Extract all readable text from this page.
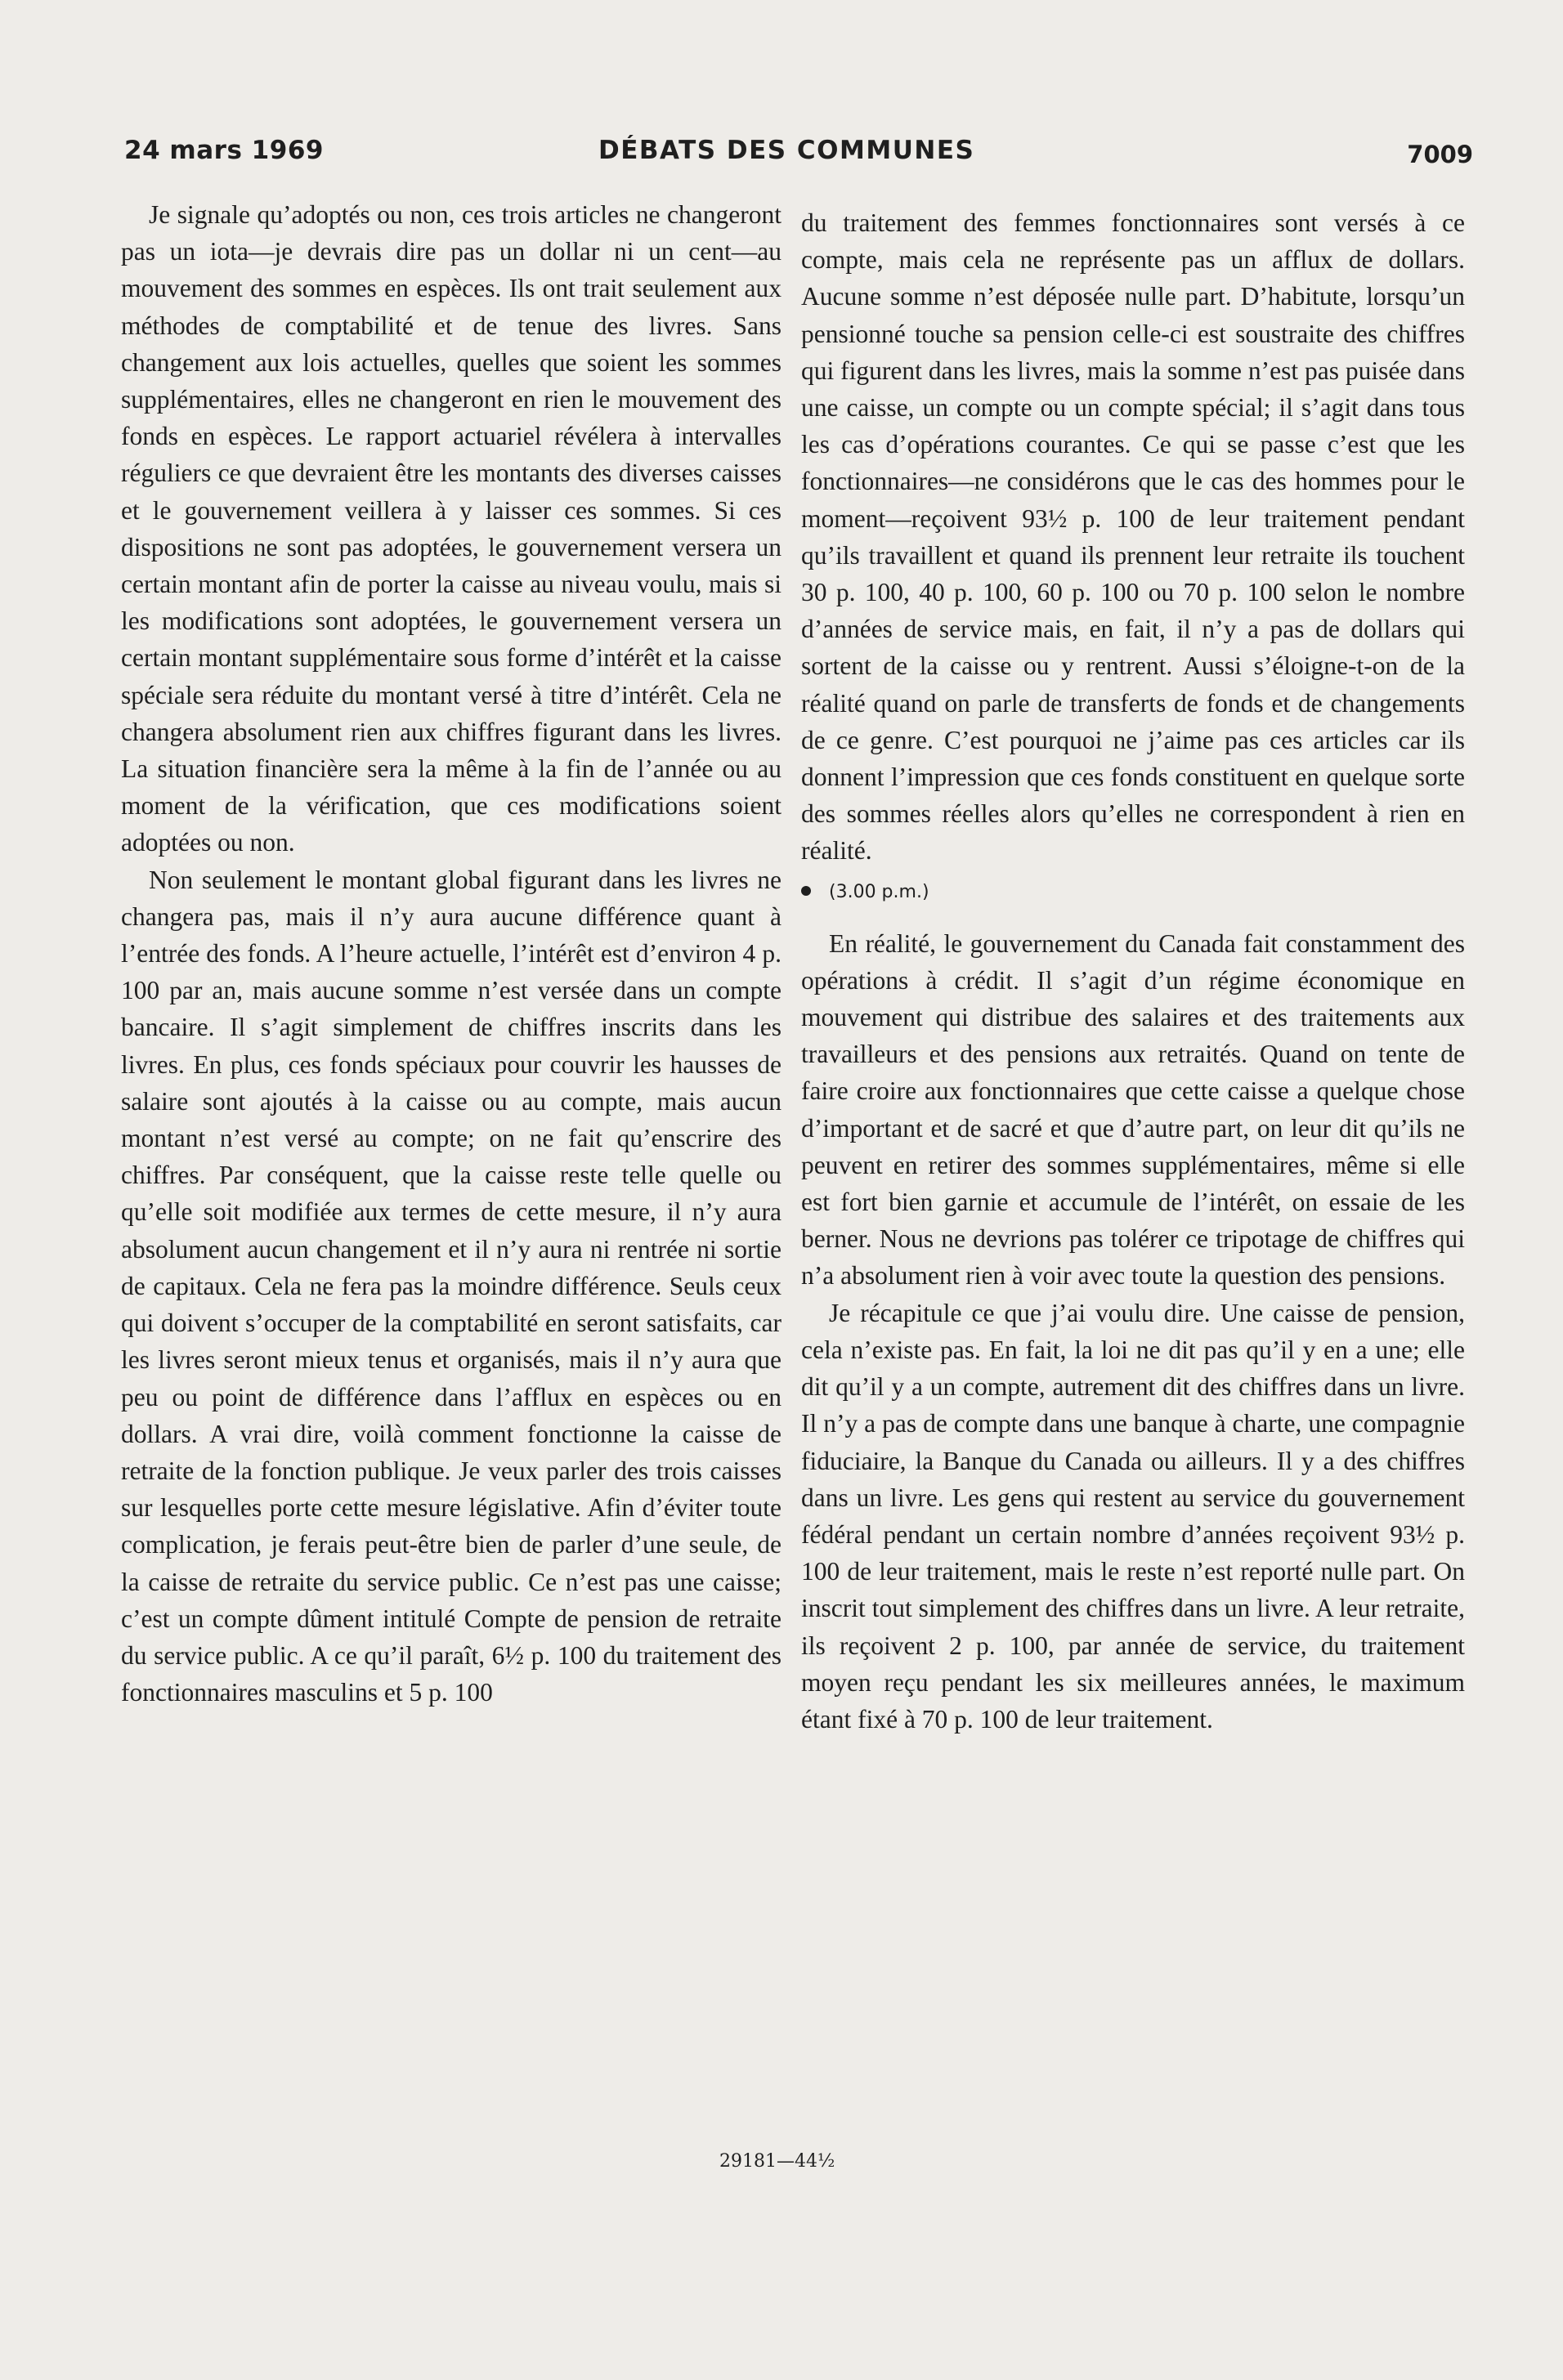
24 mars 1969	DÉBATS DES COMMUNES	7009

Je signale qu’adoptés ou non, ces trois articles ne changeront pas un iota—je devrais dire pas un dollar ni un cent—au mouvement des sommes en espèces. Ils ont trait seulement aux méthodes de comptabilité et de tenue des livres. Sans changement aux lois actuelles, quelles que soient les sommes supplémentaires, elles ne changeront en rien le mouvement des fonds en espèces. Le rapport actuariel révélera à intervalles réguliers ce que devraient être les montants des diverses caisses et le gouvernement veillera à y laisser ces sommes. Si ces dispositions ne sont pas adoptées, le gouvernement versera un certain montant afin de porter la caisse au niveau voulu, mais si les modifications sont adoptées, le gouvernement versera un certain montant supplémentaire sous forme d’intérêt et la caisse spéciale sera réduite du montant versé à titre d’intérêt. Cela ne changera absolument rien aux chiffres figurant dans les livres. La situation financière sera la même à la fin de l’année ou au moment de la vérification, que ces modifications soient adoptées ou non.

Non seulement le montant global figurant dans les livres ne changera pas, mais il n’y aura aucune différence quant à l’entrée des fonds. A l’heure actuelle, l’intérêt est d’environ 4 p. 100 par an, mais aucune somme n’est versée dans un compte bancaire. Il s’agit simplement de chiffres inscrits dans les livres. En plus, ces fonds spéciaux pour couvrir les hausses de salaire sont ajoutés à la caisse ou au compte, mais aucun montant n’est versé au compte; on ne fait qu’enscrire des chiffres. Par conséquent, que la caisse reste telle quelle ou qu’elle soit modifiée aux termes de cette mesure, il n’y aura absolument aucun changement et il n’y aura ni rentrée ni sortie de capitaux. Cela ne fera pas la moindre différence. Seuls ceux qui doivent s’occuper de la comptabilité en seront satisfaits, car les livres seront mieux tenus et organisés, mais il n’y aura que peu ou point de différence dans l’afflux en espèces ou en dollars. A vrai dire, voilà comment fonctionne la caisse de retraite de la fonction publique. Je veux parler des trois caisses sur lesquelles porte cette mesure législative. Afin d’éviter toute complication, je ferais peut-être bien de parler d’une seule, de la caisse de retraite du service public. Ce n’est pas une caisse; c’est un compte dûment intitulé Compte de pension de retraite du service public. A ce qu’il paraît, 6½ p. 100 du traitement des fonctionnaires masculins et 5 p. 100

du traitement des femmes fonctionnaires sont versés à ce compte, mais cela ne représente pas un afflux de dollars. Aucune somme n’est déposée nulle part. D’habitute, lorsqu’un pensionné touche sa pension celle-ci est soustraite des chiffres qui figurent dans les livres, mais la somme n’est pas puisée dans une caisse, un compte ou un compte spécial; il s’agit dans tous les cas d’opérations courantes. Ce qui se passe c’est que les fonctionnaires—ne considérons que le cas des hommes pour le moment—reçoivent 93½ p. 100 de leur traitement pendant qu’ils travaillent et quand ils prennent leur retraite ils touchent 30 p. 100, 40 p. 100, 60 p. 100 ou 70 p. 100 selon le nombre d’années de service mais, en fait, il n’y a pas de dollars qui sortent de la caisse ou y rentrent. Aussi s’éloigne-t-on de la réalité quand on parle de transferts de fonds et de changements de ce genre. C’est pourquoi ne j’aime pas ces articles car ils donnent l’impression que ces fonds constituent en quelque sorte des sommes réelles alors qu’elles ne correspondent à rien en réalité.

(3.00 p.m.)

En réalité, le gouvernement du Canada fait constamment des opérations à crédit. Il s’agit d’un régime économique en mouvement qui distribue des salaires et des traitements aux travailleurs et des pensions aux retraités. Quand on tente de faire croire aux fonctionnaires que cette caisse a quelque chose d’important et de sacré et que d’autre part, on leur dit qu’ils ne peuvent en retirer des sommes supplémentaires, même si elle est fort bien garnie et accumule de l’intérêt, on essaie de les berner. Nous ne devrions pas tolérer ce tripotage de chiffres qui n’a absolument rien à voir avec toute la question des pensions.

Je récapitule ce que j’ai voulu dire. Une caisse de pension, cela n’existe pas. En fait, la loi ne dit pas qu’il y en a une; elle dit qu’il y a un compte, autrement dit des chiffres dans un livre. Il n’y a pas de compte dans une banque à charte, une compagnie fiduciaire, la Banque du Canada ou ailleurs. Il y a des chiffres dans un livre. Les gens qui restent au service du gouvernement fédéral pendant un certain nombre d’années reçoivent 93½ p. 100 de leur traitement, mais le reste n’est reporté nulle part. On inscrit tout simplement des chiffres dans un livre. A leur retraite, ils reçoivent 2 p. 100, par année de service, du traitement moyen reçu pendant les six meilleures années, le maximum étant fixé à 70 p. 100 de leur traitement.

29181—44½
